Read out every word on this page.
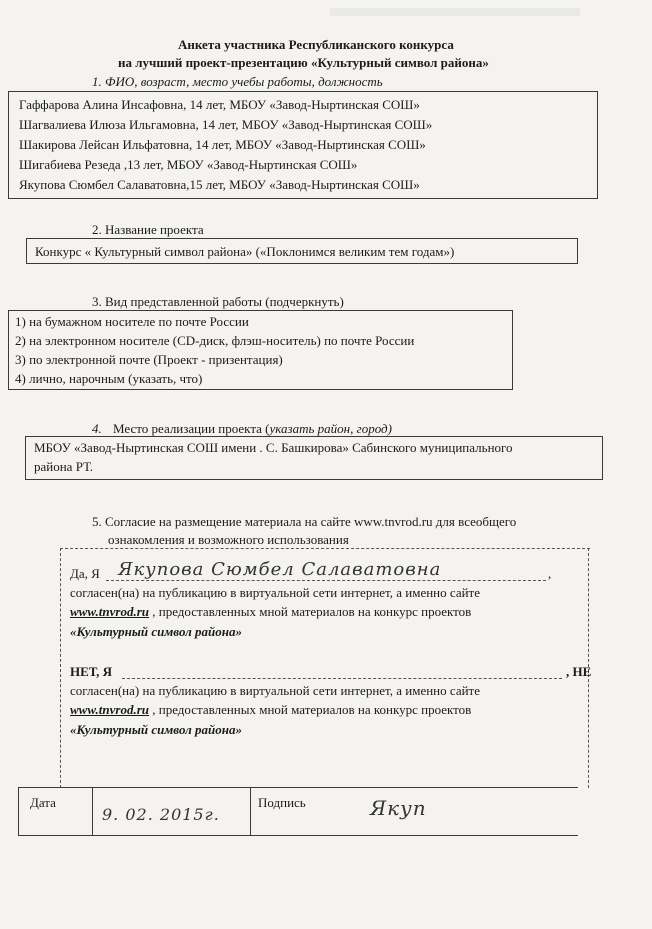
Анкета участника Республиканского конкурса
на лучший проект-презентацию «Культурный символ района»
1. ФИО, возраст, место учебы работы, должность
Гаффарова Алина Инсафовна, 14 лет, МБОУ «Завод-Ныртинская СОШ»
Шагвалиева Илюза Ильгамовна, 14 лет, МБОУ «Завод-Ныртинская СОШ»
Шакирова Лейсан Ильфатовна, 14 лет, МБОУ «Завод-Ныртинская СОШ»
Шигабиева Резеда ,13 лет, МБОУ «Завод-Ныртинская СОШ»
Якупова Сюмбел Салаватовна,15 лет, МБОУ «Завод-Ныртинская СОШ»
2. Название проекта
Конкурс « Культурный символ района» («Поклонимся великим тем годам»)
3. Вид представленной работы (подчеркнуть)
1) на бумажном носителе по почте России
2) на электронном носителе (CD-диск, флэш-носитель) по почте России
3) по электронной почте (Проект - призентация)
4) лично, нарочным (указать, что)
4. Место реализации проекта (указать район, город)
МБОУ «Завод-Ныртинская СОШ имени . С. Башкирова» Сабинского муниципального
района РТ.
5. Согласие на размещение материала на сайте www.tnvrod.ru для всеобщего
ознакомления и возможного использования
Да, Я Якупова Сюмбел Салаватовна	,
согласен(на) на публикацию в виртуальной сети интернет, а именно сайте
www.tnvrod.ru , предоставленных мной материалов на конкурс проектов
«Культурный символ района»
НЕТ, Я	, НЕ
согласен(на) на публикацию в виртуальной сети интернет, а именно сайте
www.tnvrod.ru , предоставленных мной материалов на конкурс проектов
«Культурный символ района»
Дата
9. 02. 2015г.
Подпись	Якуп
